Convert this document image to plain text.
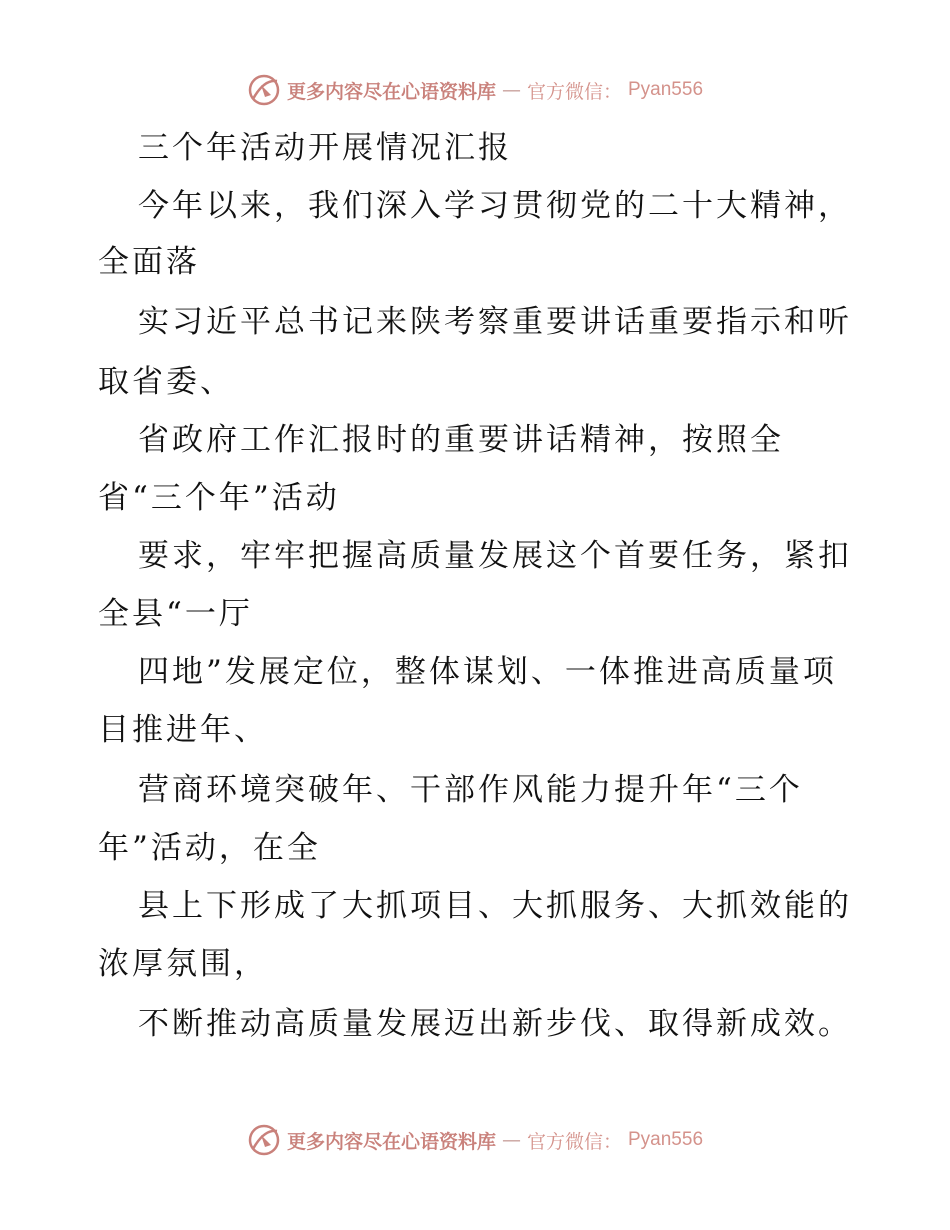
更多内容尽在心语资料库 — 官方微信： Pyan556
三个年活动开展情况汇报
今年以来，我们深入学习贯彻党的二十大精神，
全面落
实习近平总书记来陕考察重要讲话重要指示和听
取省委、
省政府工作汇报时的重要讲话精神，按照全
省“三个年”活动
要求，牢牢把握高质量发展这个首要任务，紧扣
全县“一厅
四地”发展定位，整体谋划、一体推进高质量项
目推进年、
营商环境突破年、干部作风能力提升年“三个
年”活动，在全
县上下形成了大抓项目、大抓服务、大抓效能的
浓厚氛围，
不断推动高质量发展迈出新步伐、取得新成效。
更多内容尽在心语资料库 — 官方微信： Pyan556
